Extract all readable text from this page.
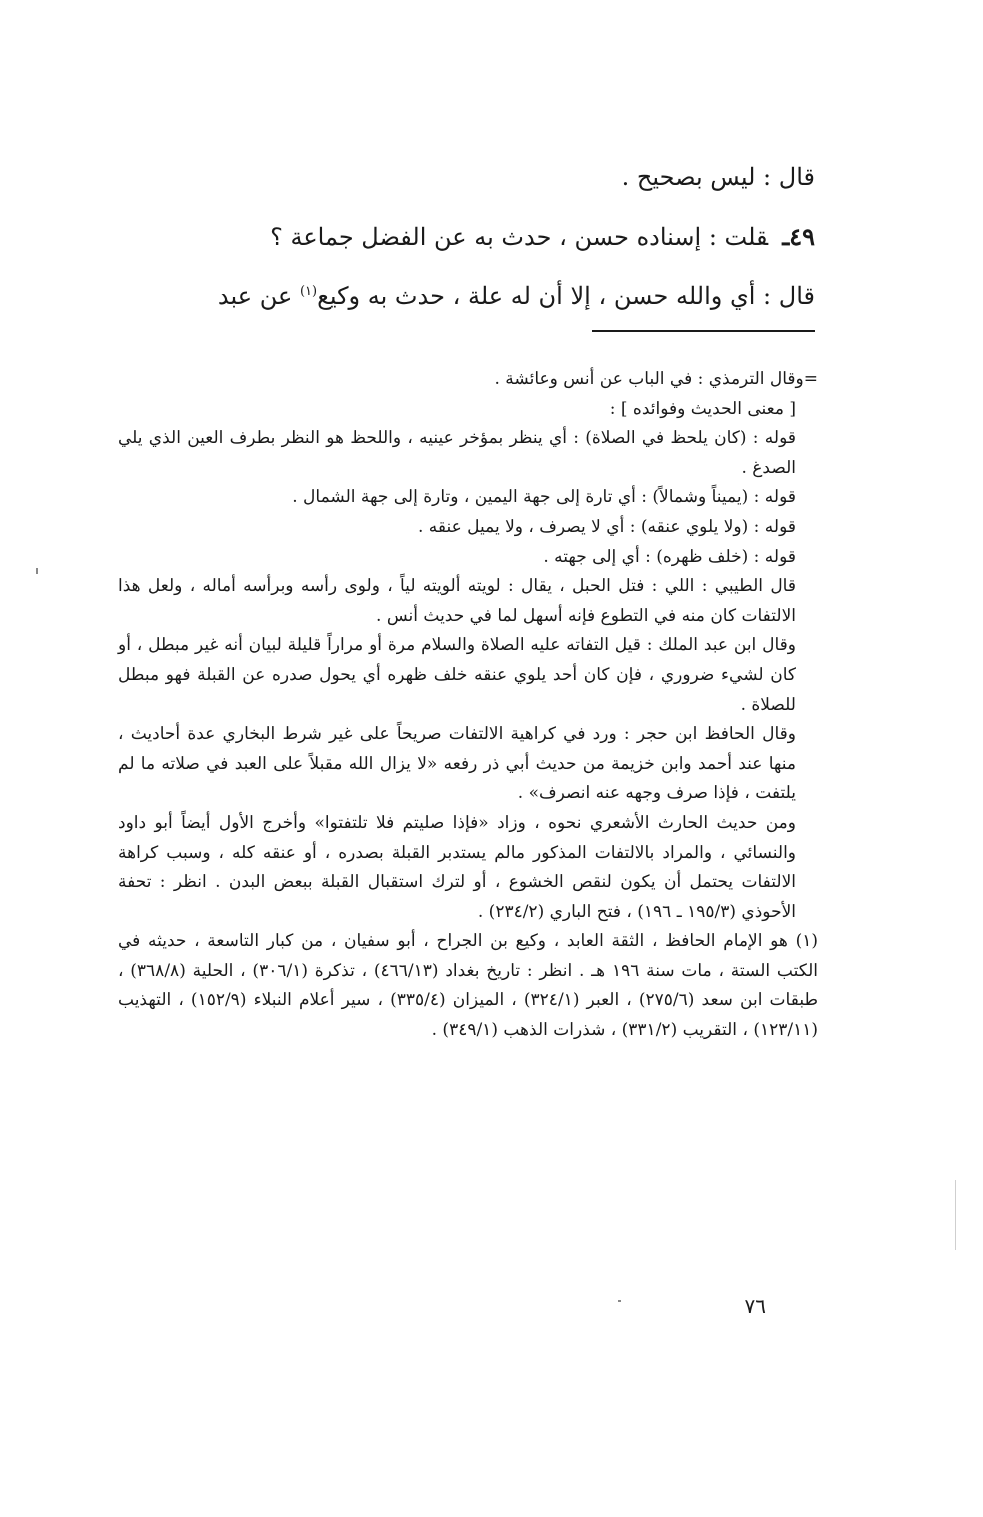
قال : ليس بصحيح .
٤٩ـقلت : إسناده حسن ، حدث به عن الفضل جماعة ؟
قال : أي والله حسن ، إلا أن له علة ، حدث به وكيع$^{(١)}$ عن عبد

=وقال الترمذي : في الباب عن أنس وعائشة .

[ معنى الحديث وفوائده ] :

قوله : (كان يلحظ في الصلاة) : أي ينظر بمؤخر عينيه ، واللحظ هو النظر بطرف العين الذي يلي الصدغ .

قوله : (يميناً وشمالاً) : أي تارة إلى جهة اليمين ، وتارة إلى جهة الشمال .

قوله : (ولا يلوي عنقه) : أي لا يصرف ، ولا يميل عنقه .

قوله : (خلف ظهره) : أي إلى جهته .

قال الطيبي : اللي : فتل الحبل ، يقال : لويته ألويته لياً ، ولوى رأسه وبرأسه أماله ، ولعل هذا الالتفات كان منه في التطوع فإنه أسهل لما في حديث أنس .

وقال ابن عبد الملك : قيل التفاته عليه الصلاة والسلام مرة أو مراراً قليلة لبيان أنه غير مبطل ، أو كان لشيء ضروري ، فإن كان أحد يلوي عنقه خلف ظهره أي يحول صدره عن القبلة فهو مبطل للصلاة .

وقال الحافظ ابن حجر : ورد في كراهية الالتفات صريحاً على غير شرط البخاري عدة أحاديث ، منها عند أحمد وابن خزيمة من حديث أبي ذر رفعه «لا يزال الله مقبلاً على العبد في صلاته ما لم يلتفت ، فإذا صرف وجهه عنه انصرف» .

ومن حديث الحارث الأشعري نحوه ، وزاد «فإذا صليتم فلا تلتفتوا» وأخرج الأول أيضاً أبو داود والنسائي ، والمراد بالالتفات المذكور مالم يستدبر القبلة بصدره ، أو عنقه كله ، وسبب كراهة الالتفات يحتمل أن يكون لنقص الخشوع ، أو لترك استقبال القبلة ببعض البدن . انظر : تحفة الأحوذي (١٩٥/٣ ـ ١٩٦) ، فتح الباري (٢٣٤/٢) .

(١) هو الإمام الحافظ ، الثقة العابد ، وكيع بن الجراح ، أبو سفيان ، من كبار التاسعة ، حديثه في الكتب الستة ، مات سنة ١٩٦ هـ . انظر : تاريخ بغداد (٤٦٦/١٣) ، تذكرة (٣٠٦/١) ، الحلية (٣٦٨/٨) ، طبقات ابن سعد (٢٧٥/٦) ، العبر (٣٢٤/١) ، الميزان (٣٣٥/٤) ، سير أعلام النبلاء (١٥٢/٩) ، التهذيب (١٢٣/١١) ، التقريب (٣٣١/٢) ، شذرات الذهب (٣٤٩/١) .

٧٦
